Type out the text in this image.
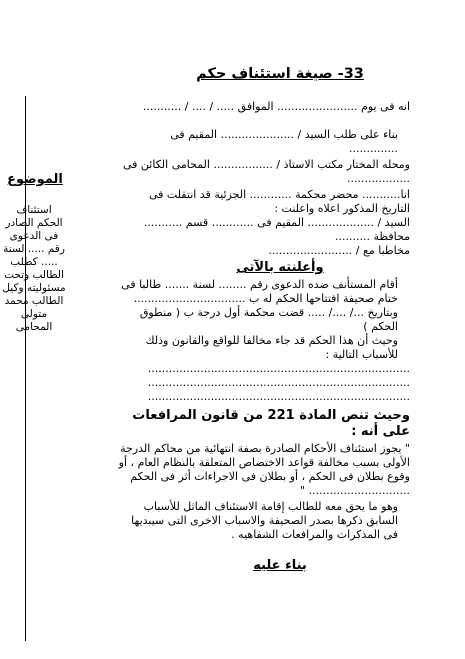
33- صيغة استئناف حكم
الموضوع
استئناف الحكم الصادر فى الدعوى رقم ..... لسنة ..... كطلب الطالب وتحت مسئوليته وكيل الطالب محمد متولى المحامى

انه فى يوم ....................... الموافق ..... / .... / ...........

بناء على طلب السيد / ..................... المقيم فى ..............

ومحله المختار مكتب الاستاذ / ................. المحامى الكائن فى ..................

انا........... محضر محكمة ............ الجزئية قد انتقلت فى التاريخ المذكور اعلاه واعلنت :

السيد / ................... المقيم فى ............ قسم ........... محافظة ..........

مخاطبا مع / ........................

وأعلنته بالآتى

أقام المستأنف ضده الدعوى رقم ........ لسنة ....... طالبا فى ختام صحيفة افتتاحها الحكم له ب ................................

وبتاريخ .../ ..../ ..... قضت محكمة أول درجة ب ( منطوق الحكم )

وحيث أن هذا الحكم قد جاء مخالفا للواقع والقانون وذلك للأسباب التالية :

...........................................................................

...........................................................................

...........................................................................

وحيث تنص المادة 221 من قانون المرافعات على أنه :

" يجوز استئناف الأحكام الصادرة بصفة انتهائية من محاكم الدرجة الأولى بسبب مخالفة قواعد الاختصاص المتعلقة بالنظام العام ، أو وقوع بطلان فى الحكم ، أو بطلان فى الاجراءات أثر فى الحكم ............................. "

وهو ما يحق معه للطالب إقامة الاستئناف الماثل للأسباب السابق ذكرها بصدر الصحيفة والاسباب الاخرى التى سيبديها فى المذكرات والمرافعات الشفاهيه .

بناء عليه
